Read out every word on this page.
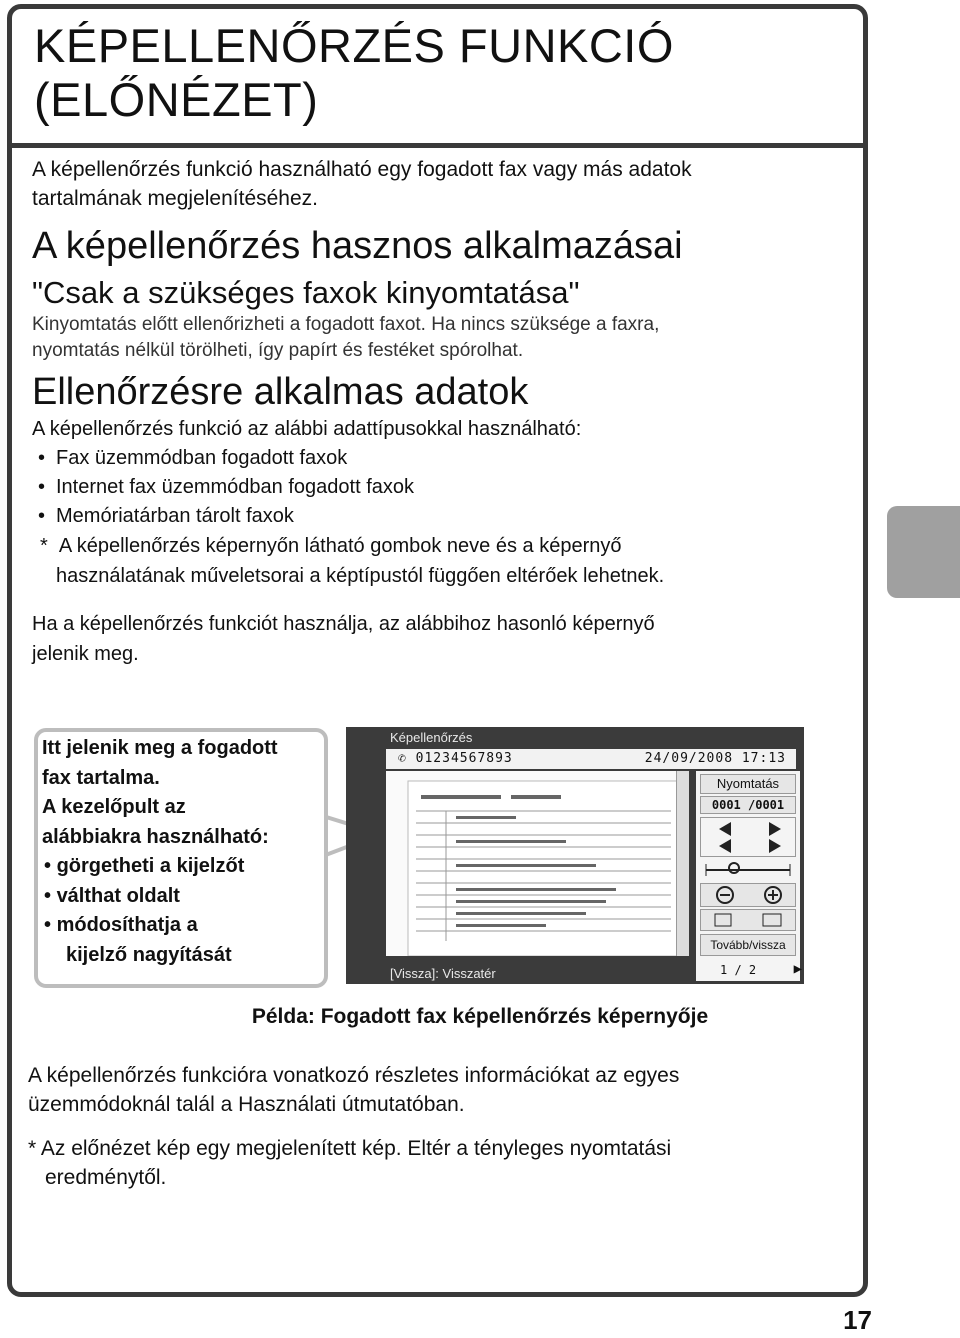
KÉPELLENŐRZÉS FUNKCIÓ
(ELŐNÉZET)

A képellenőrzés funkció használható egy fogadott fax vagy más adatok
tartalmának megjelenítéséhez.

A képellenőrzés hasznos alkalmazásai
"Csak a szükséges faxok kinyomtatása"

Kinyomtatás előtt ellenőrizheti a fogadott faxot. Ha nincs szüksége a faxra,
nyomtatás nélkül törölheti, így papírt és festéket spórolhat.

Ellenőrzésre alkalmas adatok

A képellenőrzés funkció az alábbi adattípusokkal használható:

• Fax üzemmódban fogadott faxok

• Internet fax üzemmódban fogadott faxok

• Memóriatárban tárolt faxok

*  A képellenőrzés képernyőn látható gombok neve és a képernyő
használatának műveletsorai a képtípustól függően eltérőek lehetnek.

Ha a képellenőrzés funkciót használja, az alábbihoz hasonló képernyő
jelenik meg.

Itt jelenik meg a fogadott

fax tartalma.

A kezelőpult az

alábbiakra használható:

• görgetheti a kijelzőt

• válthat oldalt

• módosíthatja a

kijelző nagyítását

Képellenőrzés
✆ 01234567893	24/09/2008 17:13
[Vissza]: Visszatér
Nyomtatás
0001 /0001
Tovább/vissza
1 / 2	▶
Példa: Fogadott fax képellenőrzés képernyője
A képellenőrzés funkcióra vonatkozó részletes információkat az egyes
üzemmódoknál talál a Használati útmutatóban.
* Az előnézet kép egy megjelenített kép. Eltér a tényleges nyomtatási
eredménytől.
17
